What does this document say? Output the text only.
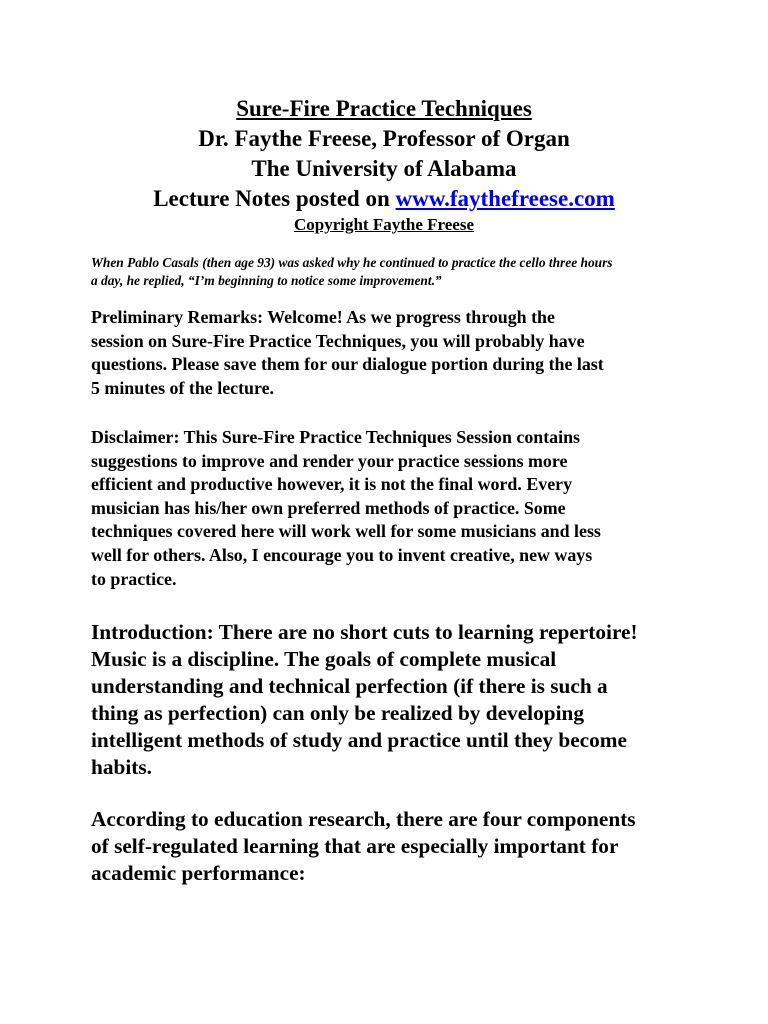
Sure-Fire Practice Techniques
Dr. Faythe Freese, Professor of Organ
The University of Alabama
Lecture Notes posted on www.faythefreese.com
Copyright Faythe Freese

When Pablo Casals (then age 93) was asked why he continued to practice the cello three hours
a day, he replied, “I’m beginning to notice some improvement.”

Preliminary Remarks: Welcome! As we progress through the
session on Sure-Fire Practice Techniques, you will probably have
questions. Please save them for our dialogue portion during the last
5 minutes of the lecture.

Disclaimer: This Sure-Fire Practice Techniques Session contains
suggestions to improve and render your practice sessions more
efficient and productive however, it is not the final word. Every
musician has his/her own preferred methods of practice. Some
techniques covered here will work well for some musicians and less
well for others. Also, I encourage you to invent creative, new ways
to practice.

Introduction: There are no short cuts to learning repertoire!
Music is a discipline. The goals of complete musical
understanding and technical perfection (if there is such a
thing as perfection) can only be realized by developing
intelligent methods of study and practice until they become
habits.

According to education research, there are four components
of self-regulated learning that are especially important for
academic performance:
